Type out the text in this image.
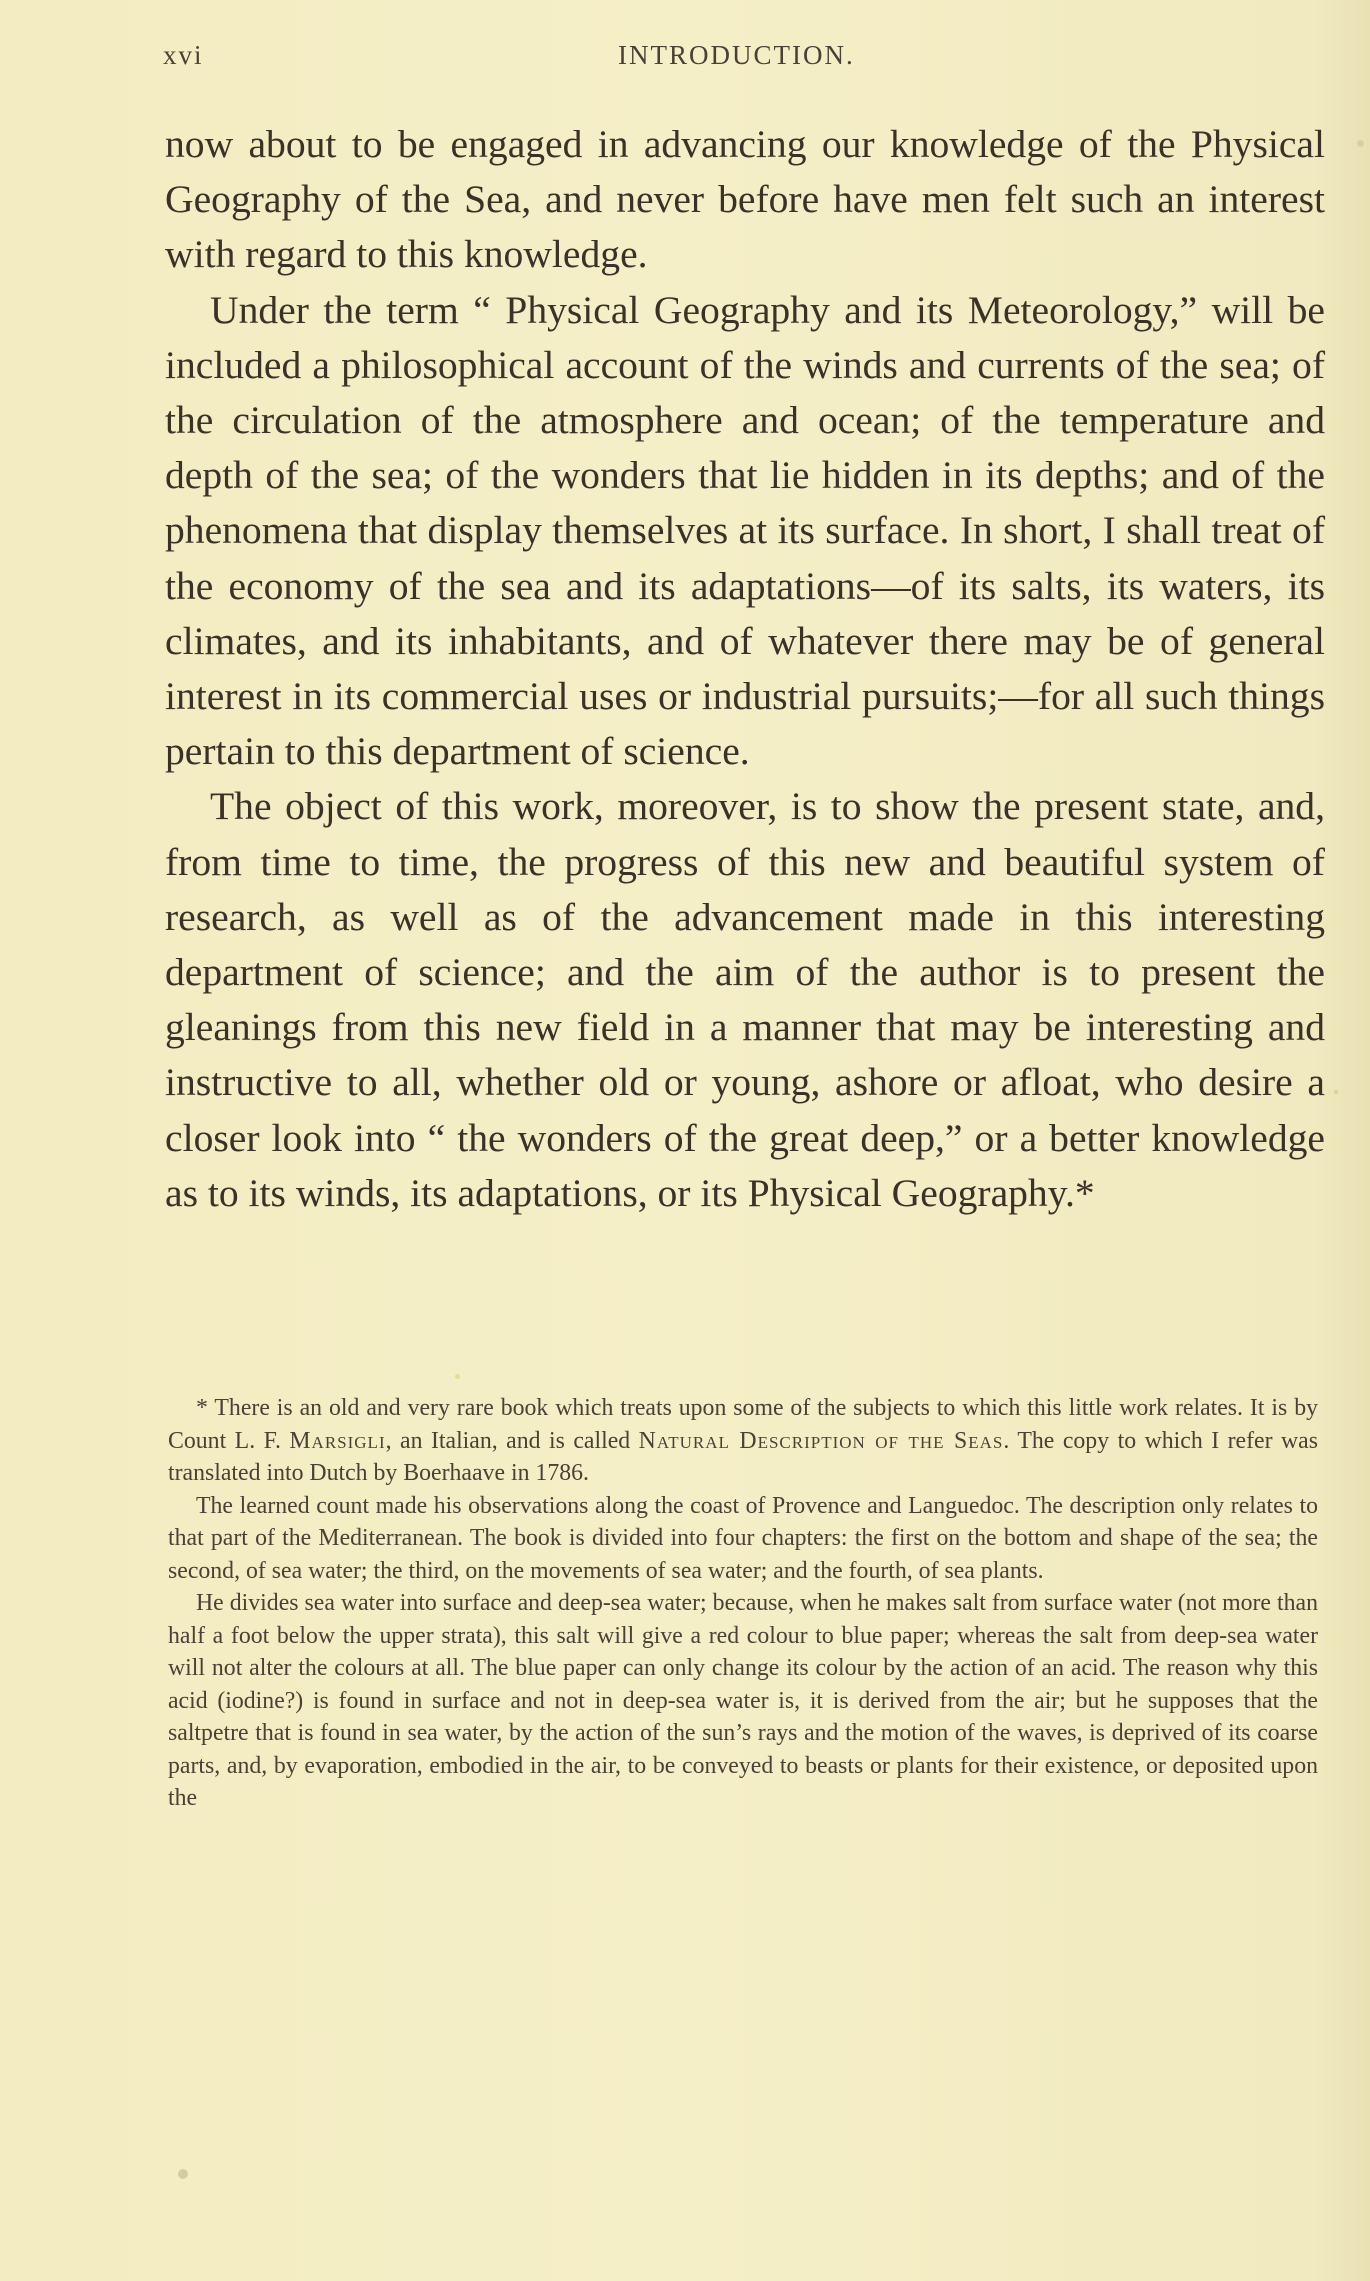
xvi	INTRODUCTION.

now about to be engaged in advancing our knowledge of the Physical Geography of the Sea, and never before have men felt such an interest with regard to this knowledge.

Under the term “ Physical Geography and its Meteorology,” will be included a philosophical account of the winds and currents of the sea; of the circulation of the atmosphere and ocean; of the temperature and depth of the sea; of the wonders that lie hidden in its depths; and of the phenomena that display themselves at its surface. In short, I shall treat of the economy of the sea and its adaptations—of its salts, its waters, its climates, and its inhabitants, and of whatever there may be of general interest in its commercial uses or industrial pursuits;—for all such things pertain to this department of science.

The object of this work, moreover, is to show the present state, and, from time to time, the progress of this new and beautiful system of research, as well as of the advancement made in this interesting department of science; and the aim of the author is to present the gleanings from this new field in a manner that may be interesting and instructive to all, whether old or young, ashore or afloat, who desire a closer look into “ the wonders of the great deep,” or a better knowledge as to its winds, its adaptations, or its Physical Geography.*

* There is an old and very rare book which treats upon some of the subjects to which this little work relates. It is by Count L. F. Marsigli, an Italian, and is called Natural Description of the Seas. The copy to which I refer was translated into Dutch by Boerhaave in 1786.

The learned count made his observations along the coast of Provence and Languedoc. The description only relates to that part of the Mediterranean. The book is divided into four chapters: the first on the bottom and shape of the sea; the second, of sea water; the third, on the movements of sea water; and the fourth, of sea plants.

He divides sea water into surface and deep-sea water; because, when he makes salt from surface water (not more than half a foot below the upper strata), this salt will give a red colour to blue paper; whereas the salt from deep-sea water will not alter the colours at all. The blue paper can only change its colour by the action of an acid. The reason why this acid (iodine?) is found in surface and not in deep-sea water is, it is derived from the air; but he supposes that the saltpetre that is found in sea water, by the action of the sun’s rays and the motion of the waves, is deprived of its coarse parts, and, by evaporation, embodied in the air, to be conveyed to beasts or plants for their existence, or deposited upon the
